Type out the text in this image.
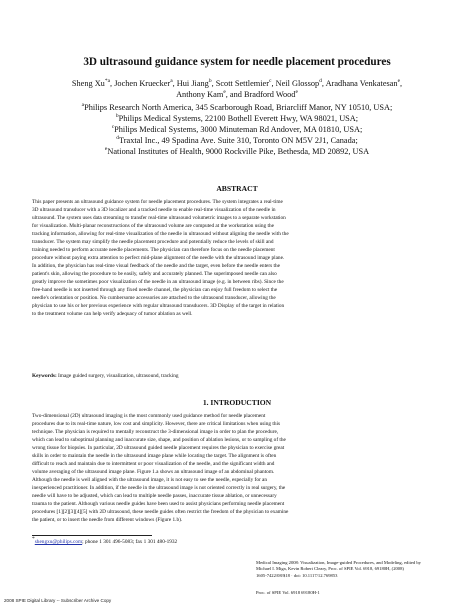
3D ultrasound guidance system for needle placement procedures
Sheng Xu$^{*a}$, Jochen Kruecker$^a$, Hui Jiang$^b$, Scott Settlemier$^c$, Neil Glossop$^d$, Aradhana Venkatesan$^e$,
Anthony Kam$^e$, and Bradford Wood$^e$
$^a$Philips Research North America, 345 Scarborough Road, Briarcliff Manor, NY 10510, USA;
$^b$Philips Medical Systems, 22100 Bothell Everett Hwy, WA 98021, USA;
$^c$Philips Medical Systems, 3000 Minuteman Rd Andover, MA 01810, USA;
$^d$Traxtal Inc., 49 Spadina Ave. Suite 310, Toronto ON M5V 2J1, Canada;
$^e$National Institutes of Health, 9000 Rockville Pike, Bethesda, MD 20892, USA
ABSTRACT

This paper presents an ultrasound guidance system for needle placement procedures. The system integrates a real-time

3D ultrasound transducer with a 3D localizer and a tracked needle to enable real-time visualization of the needle in

ultrasound. The system uses data streaming to transfer real-time ultrasound volumetric images to a separate workstation

for visualization. Multi-planar reconstructions of the ultrasound volume are computed at the workstation using the

tracking information, allowing for real-time visualization of the needle in ultrasound without aligning the needle with the

transducer. The system may simplify the needle placement procedure and potentially reduce the levels of skill and

training needed to perform accurate needle placements. The physician can therefore focus on the needle placement

procedure without paying extra attention to perfect mid-plane alignment of the needle with the ultrasound image plane.

In addition, the physician has real-time visual feedback of the needle and the target, even before the needle enters the

patient's skin, allowing the procedure to be easily, safely and accurately planned. The superimposed needle can also

greatly improve the sometimes poor visualization of the needle in an ultrasound image (e.g. in between ribs). Since the

free-hand needle is not inserted through any fixed needle channel, the physician can enjoy full freedom to select the

needle's orientation or position. No cumbersome accessories are attached to the ultrasound transducer, allowing the

physician to use his or her previous experience with regular ultrasound transducers. 3D Display of the target in relation

to the treatment volume can help verify adequacy of tumor ablation as well.

Keywords: Image guided surgery, visualization, ultrasound, tracking
1. INTRODUCTION

Two-dimensional (2D) ultrasound imaging is the most commonly used guidance method for needle placement

procedures due to its real-time nature, low cost and simplicity. However, there are critical limitations when using this

technique. The physician is required to mentally reconstruct the 3-dimensional image in order to plan the procedure,

which can lead to suboptimal planning and inaccurate size, shape, and position of ablation lesions, or to sampling of the

wrong tissue for biopsies. In particular, 2D ultrasound guided needle placement requires the physician to exercise great

skills in order to maintain the needle in the ultrasound image plane while locating the target. The alignment is often

difficult to reach and maintain due to intermittent or poor visualization of the needle, and the significant width and

volume averaging of the ultrasound image plane. Figure 1.a shows an ultrasound image of an abdominal phantom.

Although the needle is well aligned with the ultrasound image, it is not easy to see the needle, especially for an

inexperienced practitioner. In addition, if the needle in the ultrasound image is not oriented correctly in real surgery, the

needle will have to be adjusted, which can lead to multiple needle passes, inaccurate tissue ablation, or unnecessary

trauma to the patient. Although various needle guides have been used to assist physicians performing needle placement

procedures [1][2][3][4][5] with 2D ultrasound, these needle guides often restrict the freedom of the physician to examine

the patient, or to insert the needle from different windows (Figure 1.b).

*shengxu@philips.com; phone 1 301 496-5083; fax 1 301 480-1932
Medical Imaging 2008: Visualization, Image-guided Procedures, and Modeling, edited by
Michael I. Miga, Kevin Robert Cleary, Proc. of SPIE Vol. 6918, 69180H, (2008)
1605-7422/08/$18 · doi: 10.1117/12.769853
Proc. of SPIE Vol. 6918 69180H-1
2008 SPIE Digital Library -- Subscriber Archive Copy
